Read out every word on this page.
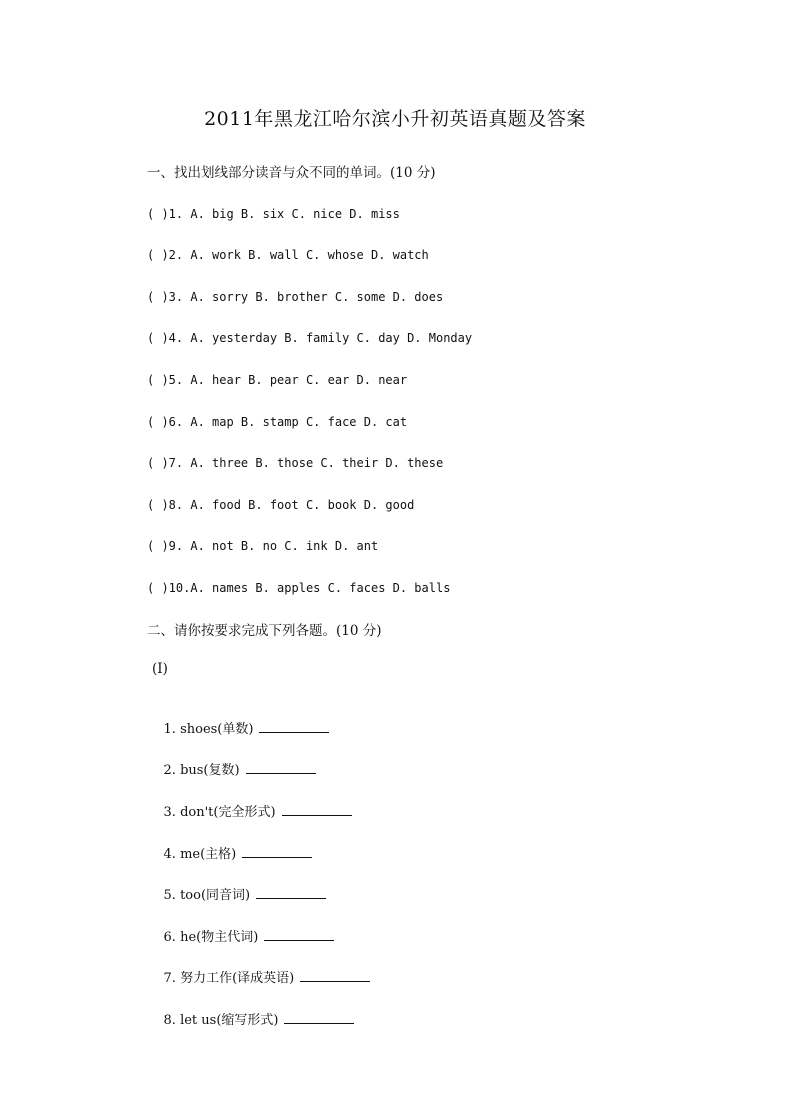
2011年黑龙江哈尔滨小升初英语真题及答案
一、找出划线部分读音与众不同的单词。(10 分)
( )1. A. big B. six C. nice D. miss
( )2. A. work B. wall C. whose D. watch
( )3. A. sorry B. brother C. some D. does
( )4. A. yesterday B. family C. day D. Monday
( )5. A. hear B. pear C. ear D. near
( )6. A. map B. stamp C. face D. cat
( )7. A. three B. those C. their D. these
( )8. A. food B. foot C. book D. good
( )9. A. not B. no C. ink D. ant
( )10.A. names B. apples C. faces D. balls
二、请你按要求完成下列各题。(10 分)
(I)

1. shoes(单数)

2. bus(复数)

3. don't(完全形式)

4. me(主格)

5. too(同音词)

6. he(物主代词)

7. 努力工作(译成英语)

8. let us(缩写形式)
